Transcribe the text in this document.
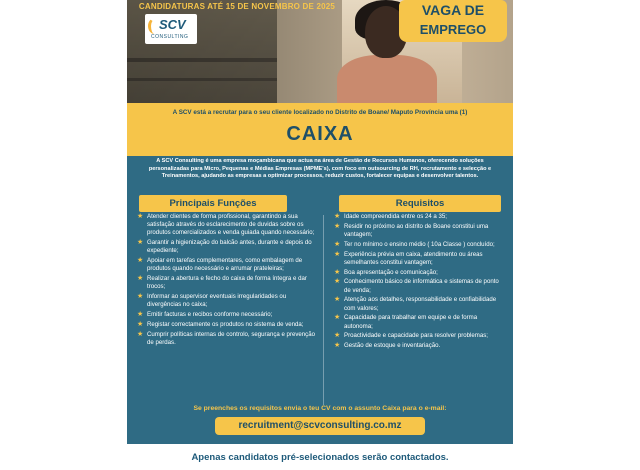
CANDIDATURAS ATÉ 15 DE NOVEMBRO DE 2025
SCV
CONSULTING
VAGA DE
EMPREGO
A SCV está a recrutar para o seu cliente localizado no Distrito de Boane/ Maputo Província uma (1)
CAIXA
A SCV Consulting é uma empresa moçambicana que actua na área de Gestão de Recursos Humanos, oferecendo soluções personalizadas para Micro, Pequenas e Médias Empresas (MPME's), com foco em outsourcing de RH, recrutamento e selecção e Treinamentos, ajudando as empresas a optimizar processos, reduzir custos, fortalecer equipas e desenvolver talentos.
Principais Funções	Requisitos
★ Atender clientes de forma profissional, garantindo a sua satisfação através do esclarecimento de duvidas sobre os produtos comercializados e venda guiada quando necessário;
★ Garantir a higienização do balcão antes, durante e depois do expediente;
★ Apoiar em tarefas complementares, como embalagem de produtos quando necessário e arrumar prateleiras;
★ Realizar a abertura e fecho do caixa de forma íntegra e dar trocos;
★ Informar ao supervisor eventuais irregularidades ou divergências no caixa;
★ Emitir facturas e recibos conforme necessário;
★ Registar correctamente os produtos no sistema de venda;
★ Cumprir políticas internas de controlo, segurança e prevenção de perdas.
★ Idade compreendida entre os 24 a 35;
★ Residir no próximo ao distrito de Boane constitui uma vantagem;
★ Ter no mínimo o ensino médio ( 10a Classe ) concluído;
★ Experiência prévia em caixa, atendimento ou áreas semelhantes constitui vantagem;
★ Boa apresentação e comunicação;
★ Conhecimento básico de informática e sistemas de ponto de venda;
★ Atenção aos detalhes, responsabilidade e confiabilidade com valores;
★ Capacidade para trabalhar em equipe e de forma autonoma;
★ Proactividade e capacidade para resolver problemas;
★ Gestão de estoque e inventariação.
Se preenches os requisitos envia o teu CV com o assunto Caixa para o e-mail:
recruitment@scvconsulting.co.mz
Apenas candidatos pré-selecionados serão contactados.
